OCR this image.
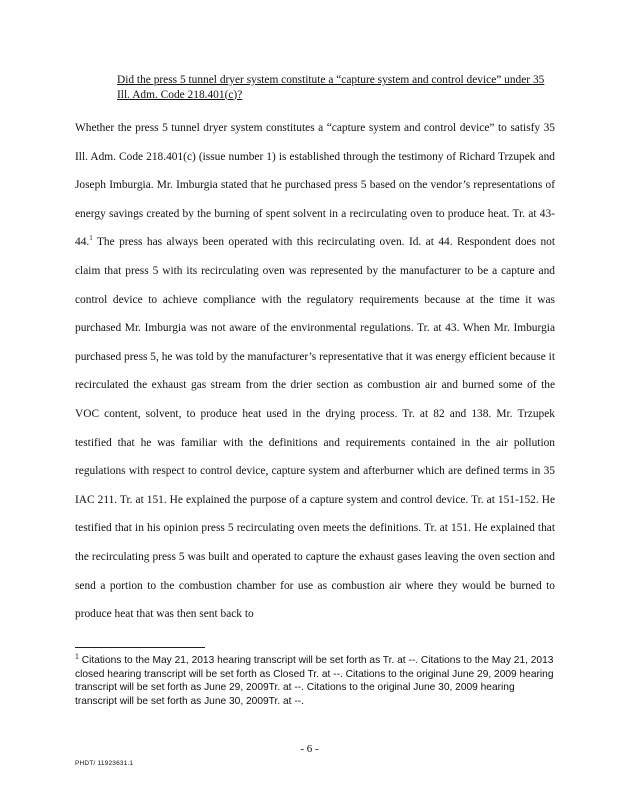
Did the press 5 tunnel dryer system constitute a “capture system and control device” under 35 Ill. Adm. Code 218.401(c)?

Whether the press 5 tunnel dryer system constitutes a “capture system and control device” to satisfy 35 Ill. Adm. Code 218.401(c) (issue number 1) is established through the testimony of Richard Trzupek and Joseph Imburgia. Mr. Imburgia stated that he purchased press 5 based on the vendor’s representations of energy savings created by the burning of spent solvent in a recirculating oven to produce heat. Tr. at 43-44.$^1$ The press has always been operated with this recirculating oven. Id. at 44. Respondent does not claim that press 5 with its recirculating oven was represented by the manufacturer to be a capture and control device to achieve compliance with the regulatory requirements because at the time it was purchased Mr. Imburgia was not aware of the environmental regulations. Tr. at 43. When Mr. Imburgia purchased press 5, he was told by the manufacturer’s representative that it was energy efficient because it recirculated the exhaust gas stream from the drier section as combustion air and burned some of the VOC content, solvent, to produce heat used in the drying process. Tr. at 82 and 138. Mr. Trzupek testified that he was familiar with the definitions and requirements contained in the air pollution regulations with respect to control device, capture system and afterburner which are defined terms in 35 IAC 211. Tr. at 151. He explained the purpose of a capture system and control device. Tr. at 151-152. He testified that in his opinion press 5 recirculating oven meets the definitions. Tr. at 151. He explained that the recirculating press 5 was built and operated to capture the exhaust gases leaving the oven section and send a portion to the combustion chamber for use as combustion air where they would be burned to produce heat that was then sent back to

$^1$ Citations to the May 21, 2013 hearing transcript will be set forth as Tr. at --. Citations to the May 21, 2013 closed hearing transcript will be set forth as Closed Tr. at --. Citations to the original June 29, 2009 hearing transcript will be set forth as June 29, 2009Tr. at --. Citations to the original June 30, 2009 hearing transcript will be set forth as June 30, 2009Tr. at --.
- 6 -
PHDT/ 11923631.1
